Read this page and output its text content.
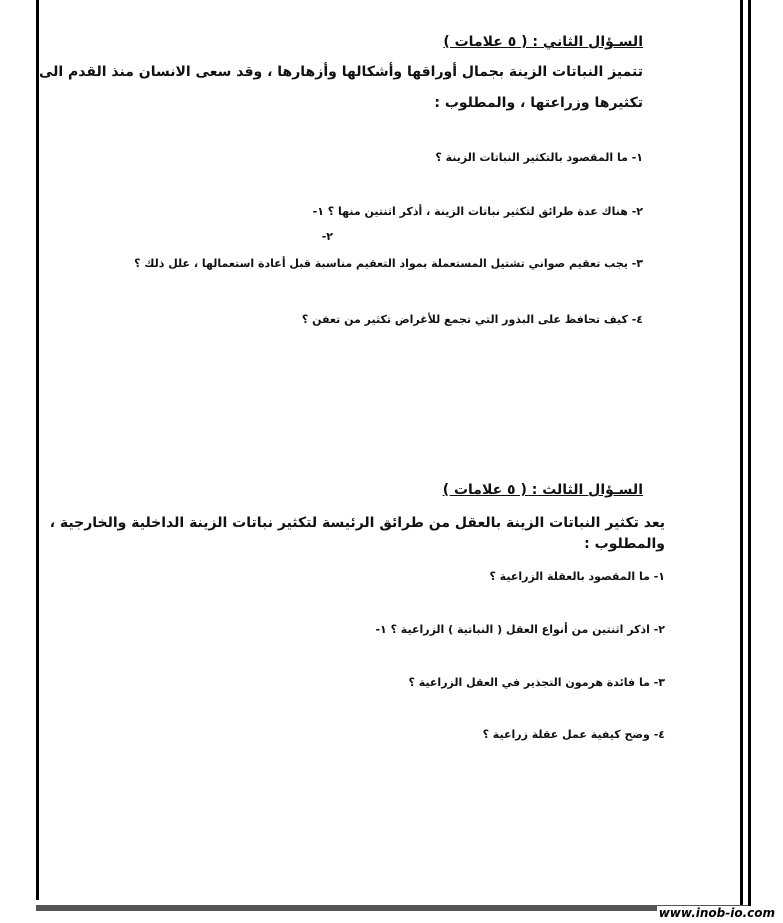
السـؤال الثاني : ( ٥ علامات )
تتميز النباتات الزينة بجمال أوراقها وأشكالها وأزهارها ، وقد سعى الانسان منذ القدم الى
تكثيرها وزراعتها ، والمطلوب :
١- ما المقصود بالتكثير النباتات الزينة ؟
٢- هناك عدة طرائق لتكثير نباتات الزينة ، أذكر اثنتين منها ؟ ١-
٢-
٣- يجب تعقيم صواني تشتيل المستعملة بمواد التعقيم مناسبة قبل أعادة استعمالها ، علل ذلك ؟
٤- كيف تحافظ على البذور التي تجمع للأغراض تكثير من تعفن ؟
السـؤال الثالث : ( ٥ علامات )
يعد تكثير النباتات الزينة بالعقل من طرائق الرئيسة لتكثير نباتات الزينة الداخلية والخارجية ،
والمطلوب :
١- ما المقصود بالعقلة الزراعية ؟
٢- اذكر اثنتين من أنواع العقل ( النباتية ) الزراعية ؟ ١-
٣- ما فائدة هرمون التجذير في العقل الزراعية ؟
٤- وضح كيفية عمل عقلة زراعية ؟
www.inob-io.com
